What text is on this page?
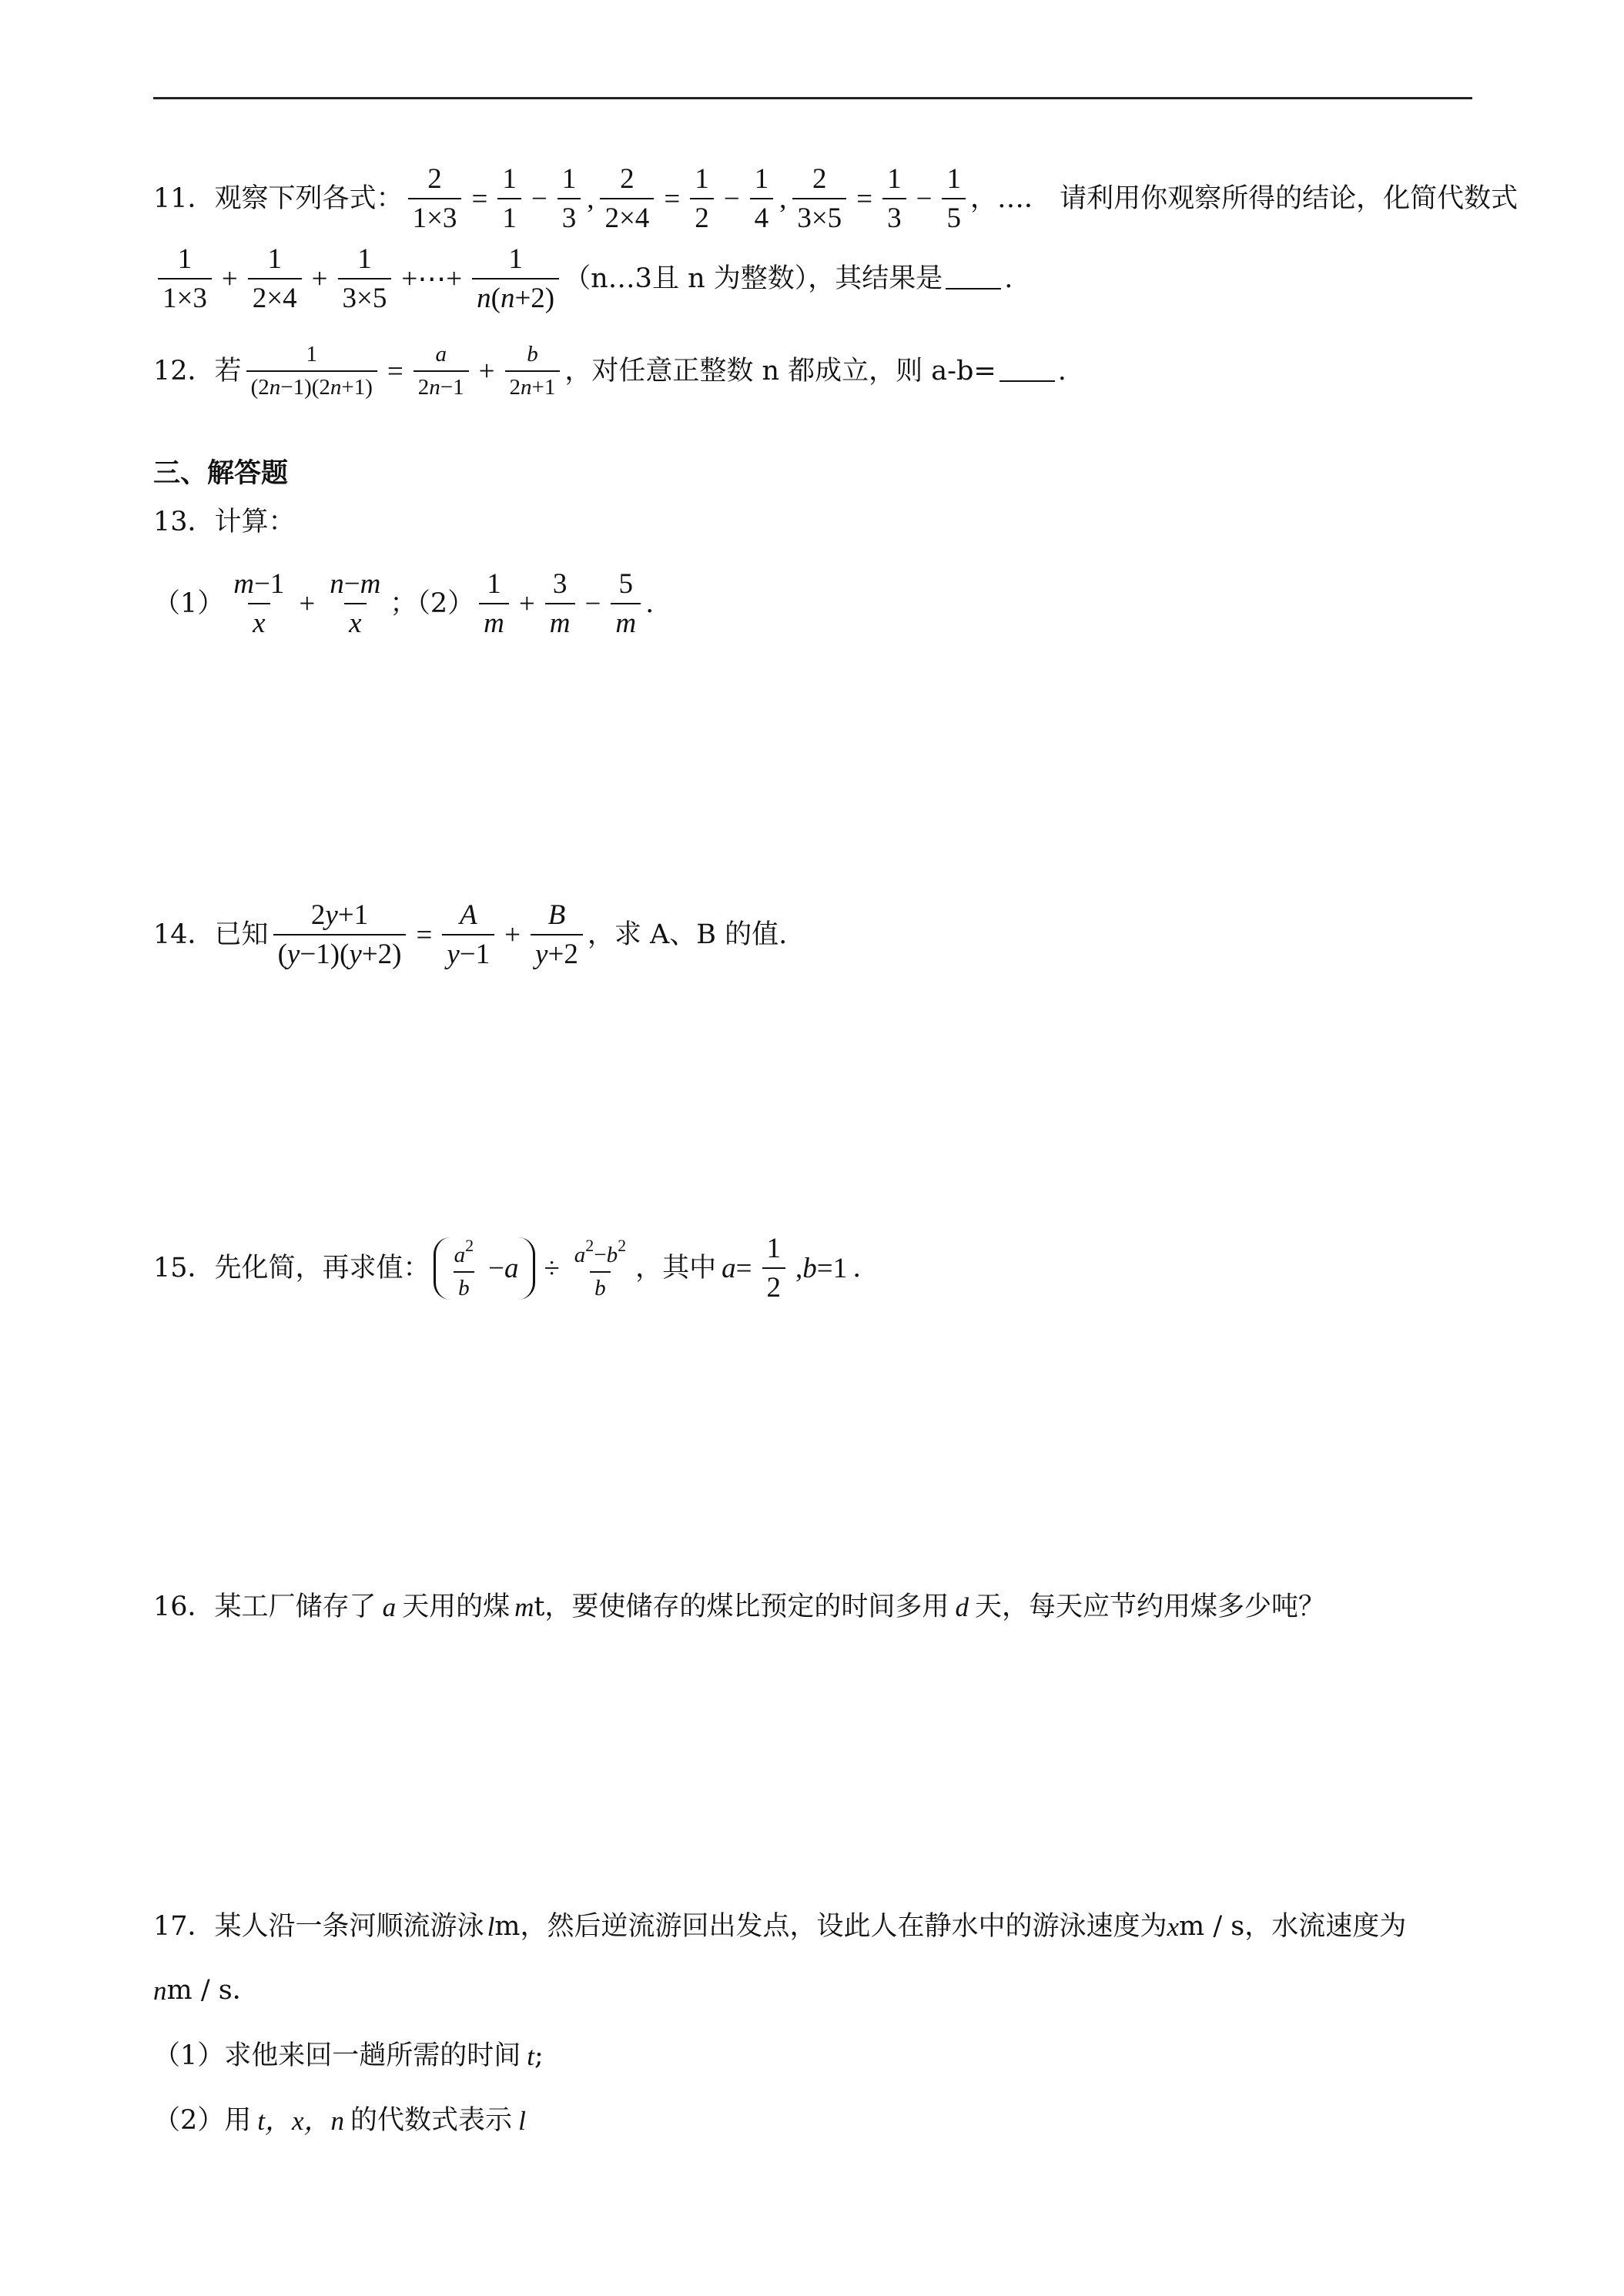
11． 观察下列各式： $\frac{2}{1\times 3} = \frac{1}{1} - \frac{1}{3}$ , $\frac{2}{2\times 4} = \frac{1}{2} - \frac{1}{4}$ , $\frac{2}{3\times 5} = \frac{1}{3} - \frac{1}{5}$ ，…． 请利用你观察所得的结论，化简代数式
1
1×3
+ $\frac{1}{2\times 4} + \frac{1}{3\times 5}$ +⋯+ $\frac{1}{n(n+2)}$ （n…3且 n 为整数），其结果是 .
12． 若 $\frac{1}{(2n-1)(2n+1)} = \frac{a}{2n-1} + \frac{b}{2n+1}$ ，对任意正整数 n 都成立，则 a-b= .
三、解答题
13． 计算：
（1）
m−1
x
+ $\frac{n-m}{x}$ ；（2）
1
m
+ $\frac{3}{m} - \frac{5}{m}$ .
14． 已知 $\frac{2y+1}{(y-1)(y+2)} = \frac{A}{y-1} + \frac{B}{y+2}$ ，求 A、B 的值.
15． 先化简，再求值： $a^2$
b
$-a \div \frac{a^2-b^2}{b}$ ，其中 $a= \frac{1}{2} ,b=1$ .
16． 某工厂储存了 a 天用的煤 m t，要使储存的煤比预定的时间多用 d 天，每天应节约用煤多少吨？
17． 某人沿一条河顺流游泳 l m，然后逆流游回出发点，设此人在静水中的游泳速度为 x m / s，水流速度为
n m / s．
（1）求他来回一趟所需的时间 t ;
（2）用 t，x，n 的代数式表示 l
